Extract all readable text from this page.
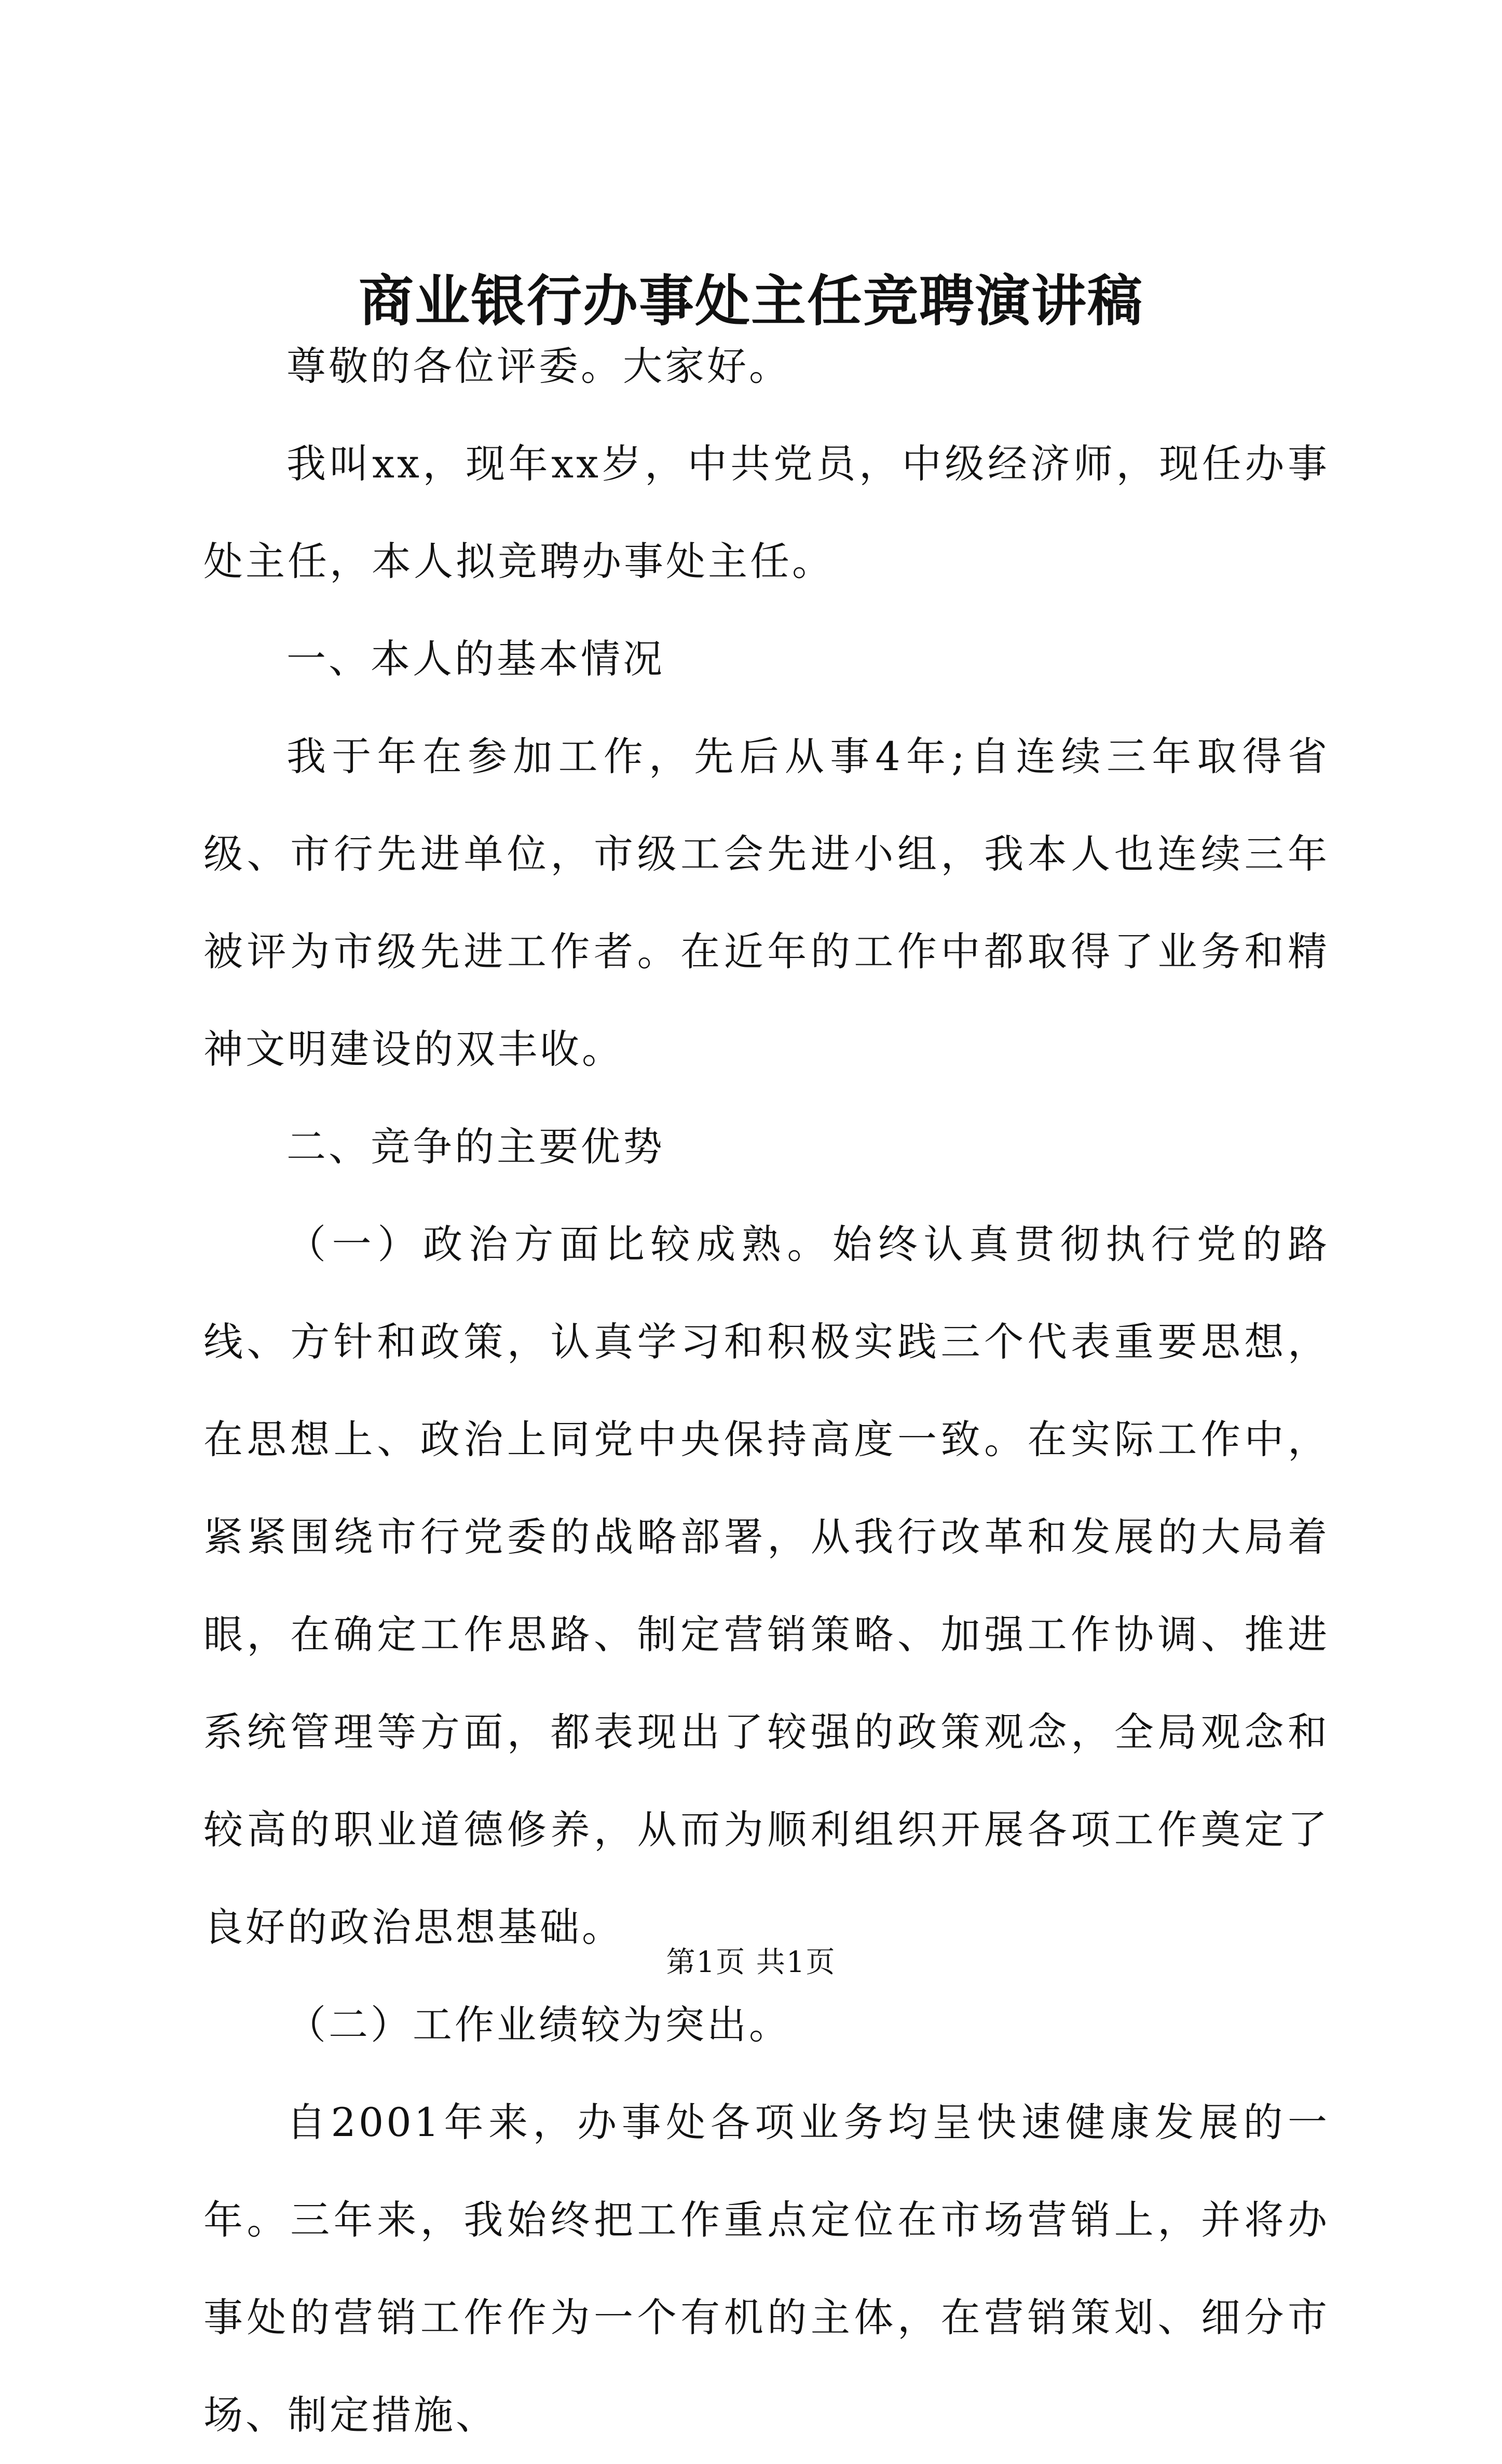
商业银行办事处主任竞聘演讲稿

尊敬的各位评委。大家好。

我叫xx，现年xx岁，中共党员，中级经济师，现任办事处主任，本人拟竞聘办事处主任。

一、本人的基本情况

我于年在参加工作，先后从事4年;自连续三年取得省级、市行先进单位，市级工会先进小组，我本人也连续三年被评为市级先进工作者。在近年的工作中都取得了业务和精神文明建设的双丰收。

二、竞争的主要优势

（一）政治方面比较成熟。始终认真贯彻执行党的路线、方针和政策，认真学习和积极实践三个代表重要思想，在思想上、政治上同党中央保持高度一致。在实际工作中，紧紧围绕市行党委的战略部署，从我行改革和发展的大局着眼，在确定工作思路、制定营销策略、加强工作协调、推进系统管理等方面，都表现出了较强的政策观念，全局观念和较高的职业道德修养，从而为顺利组织开展各项工作奠定了良好的政治思想基础。

（二）工作业绩较为突出。

自2001年来，办事处各项业务均呈快速健康发展的一年。三年来，我始终把工作重点定位在市场营销上，并将办事处的营销工作作为一个有机的主体，在营销策划、细分市场、制定措施、

第1页 共1页
